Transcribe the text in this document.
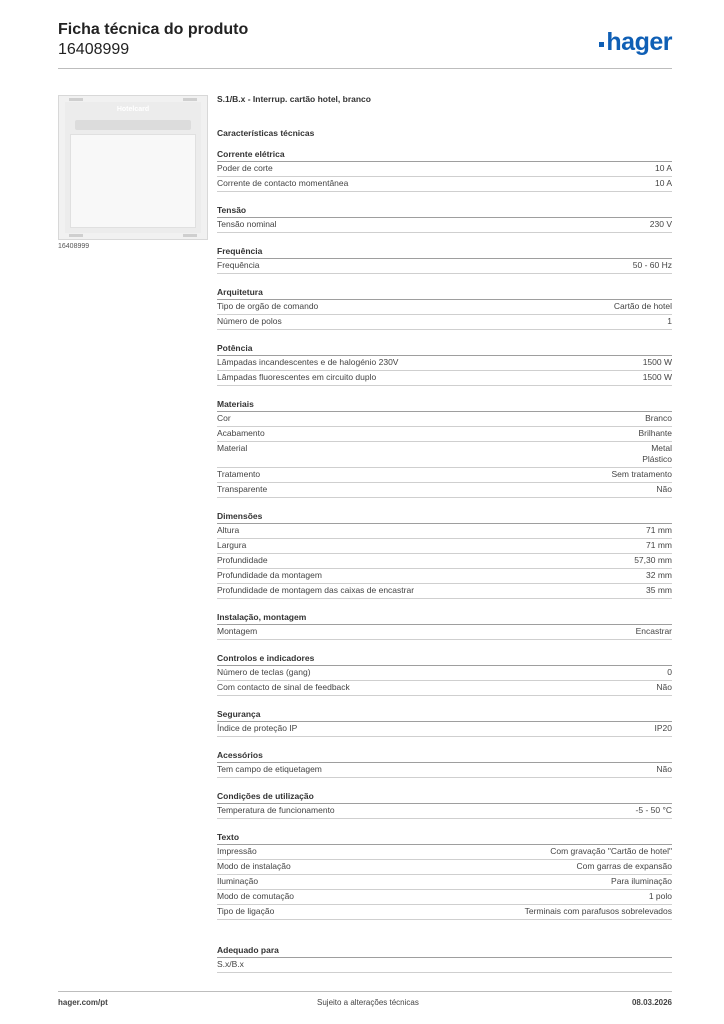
Ficha técnica do produto
16408999	hager
Hotelcard
16408999
S.1/B.x - Interrup. cartão hotel, branco
Características técnicas
Corrente elétrica
Poder de corte	10 A
Corrente de contacto momentânea	10 A
Tensão
Tensão nominal	230 V
Frequência
Frequência	50 - 60 Hz
Arquitetura
Tipo de orgão de comando	Cartão de hotel
Número de polos	1
Potência
Lâmpadas incandescentes e de halogénio 230V	1500 W
Lâmpadas fluorescentes em circuito duplo	1500 W
Materiais
Cor	Branco
Acabamento	Brilhante
Material	Metal
Plástico
Tratamento	Sem tratamento
Transparente	Não
Dimensões
Altura	71 mm
Largura	71 mm
Profundidade	57,30 mm
Profundidade da montagem	32 mm
Profundidade de montagem das caixas de encastrar	35 mm
Instalação, montagem
Montagem	Encastrar
Controlos e indicadores
Número de teclas (gang)	0
Com contacto de sinal de feedback	Não
Segurança
Índice de proteção IP	IP20
Acessórios
Tem campo de etiquetagem	Não
Condições de utilização
Temperatura de funcionamento	-5 - 50 °C
Texto
Impressão	Com gravação "Cartão de hotel"
Modo de instalação	Com garras de expansão
Iluminação	Para iluminação
Modo de comutação	1 polo
Tipo de ligação	Terminais com parafusos sobrelevados
Adequado para
S.x/B.x
hager.com/pt	Sujeito a alterações técnicas	08.03.2026
